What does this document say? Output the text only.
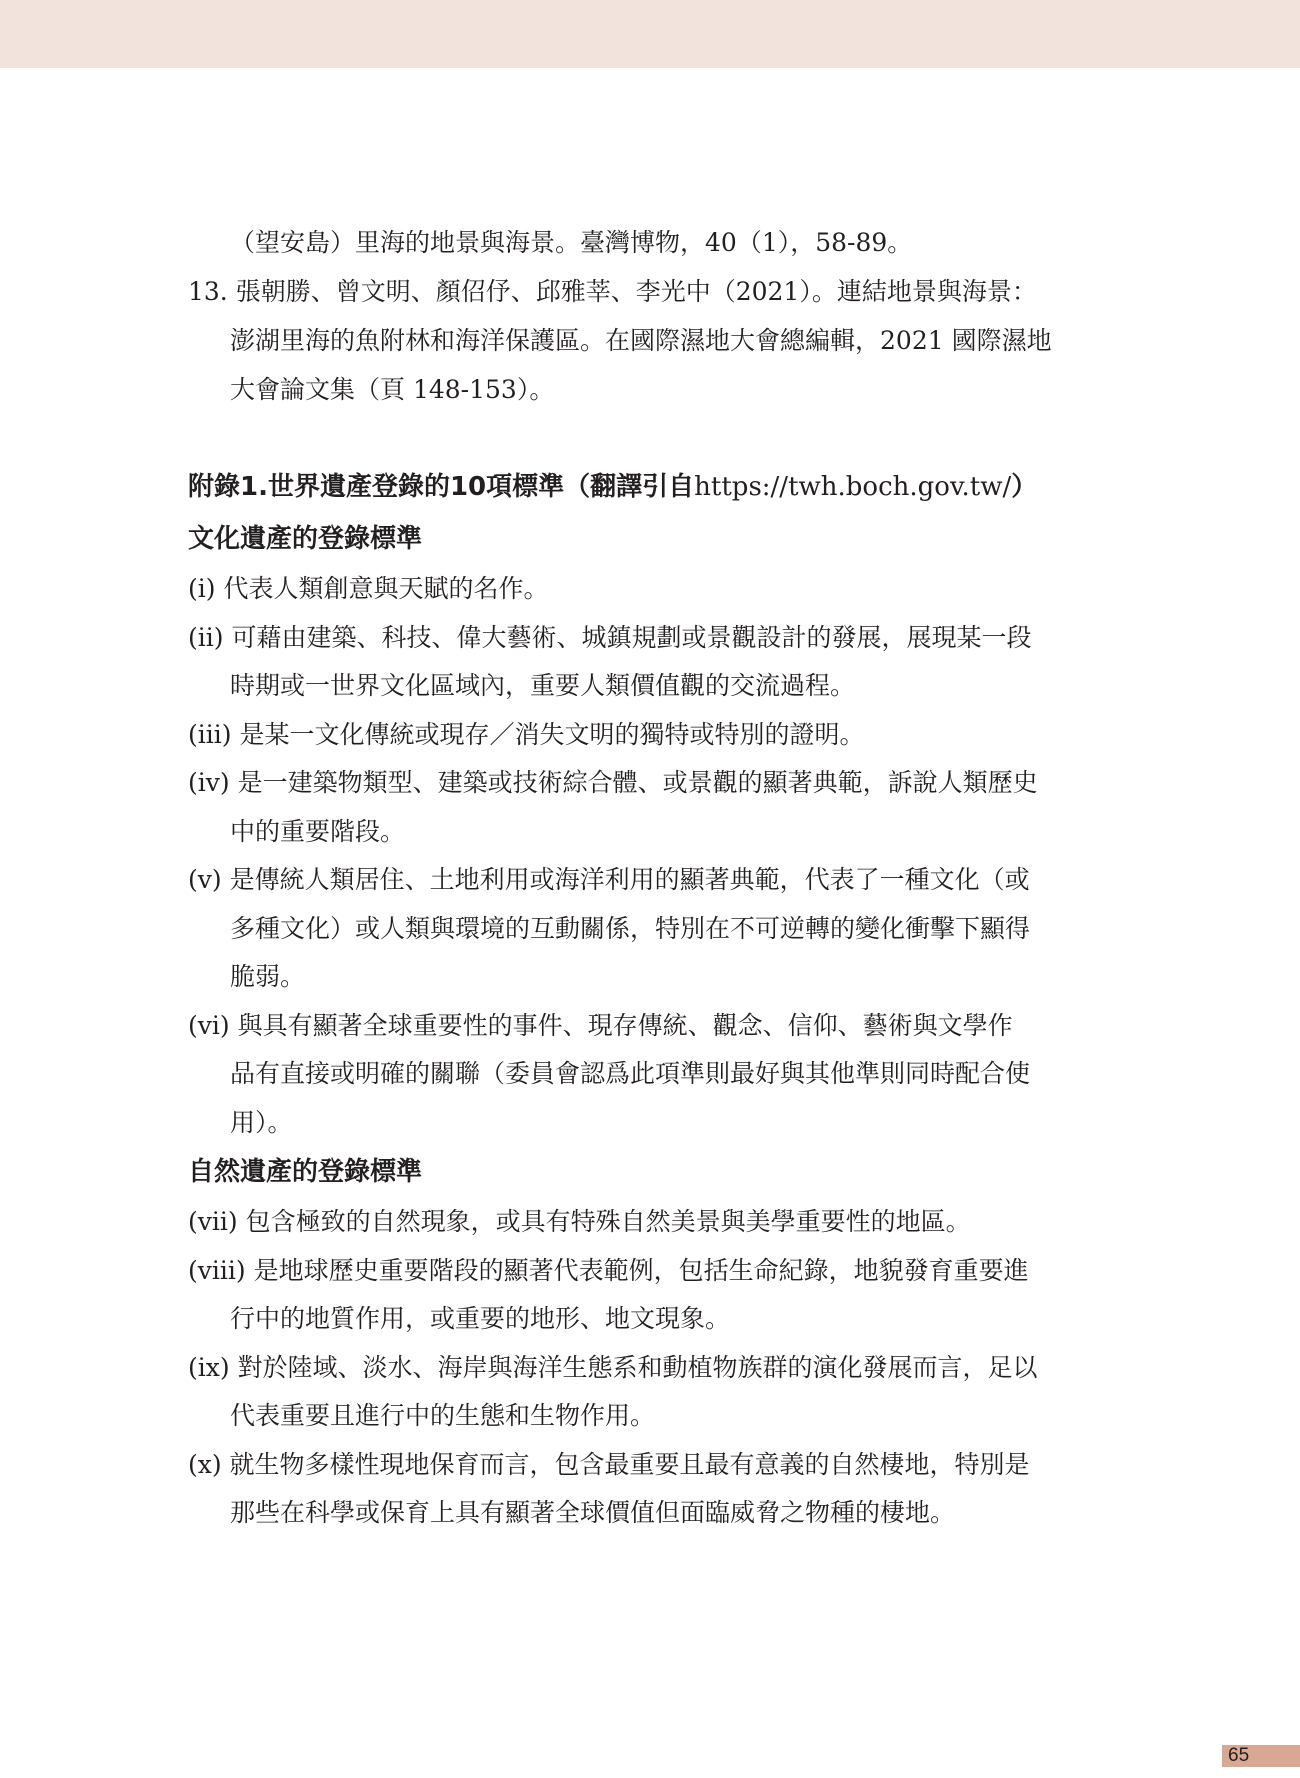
（望安島）里海的地景與海景。臺灣博物，40（1），58-89。
13. 張朝勝、曾文明、顏佋伃、邱雅莘、李光中（2021）。連結地景與海景：
澎湖里海的魚附林和海洋保護區。在國際濕地大會總編輯，2021 國際濕地
大會論文集（頁 148-153）。
附錄1.世界遺產登錄的10項標準（翻譯引自https://twh.boch.gov.tw/）
文化遺產的登錄標準
(i) 代表人類創意與天賦的名作。
(ii) 可藉由建築、科技、偉大藝術、城鎮規劃或景觀設計的發展，展現某一段
時期或一世界文化區域內，重要人類價值觀的交流過程。
(iii) 是某一文化傳統或現存／消失文明的獨特或特別的證明。
(iv) 是一建築物類型、建築或技術綜合體、或景觀的顯著典範，訴說人類歷史
中的重要階段。
(v) 是傳統人類居住、土地利用或海洋利用的顯著典範，代表了一種文化（或
多種文化）或人類與環境的互動關係，特別在不可逆轉的變化衝擊下顯得
脆弱。
(vi) 與具有顯著全球重要性的事件、現存傳統、觀念、信仰、藝術與文學作
品有直接或明確的關聯（委員會認爲此項準則最好與其他準則同時配合使
用）。
自然遺產的登錄標準
(vii) 包含極致的自然現象，或具有特殊自然美景與美學重要性的地區。
(viii) 是地球歷史重要階段的顯著代表範例，包括生命紀錄，地貌發育重要進
行中的地質作用，或重要的地形、地文現象。
(ix) 對於陸域、淡水、海岸與海洋生態系和動植物族群的演化發展而言，足以
代表重要且進行中的生態和生物作用。
(x) 就生物多樣性現地保育而言，包含最重要且最有意義的自然棲地，特別是
那些在科學或保育上具有顯著全球價值但面臨威脅之物種的棲地。
65
